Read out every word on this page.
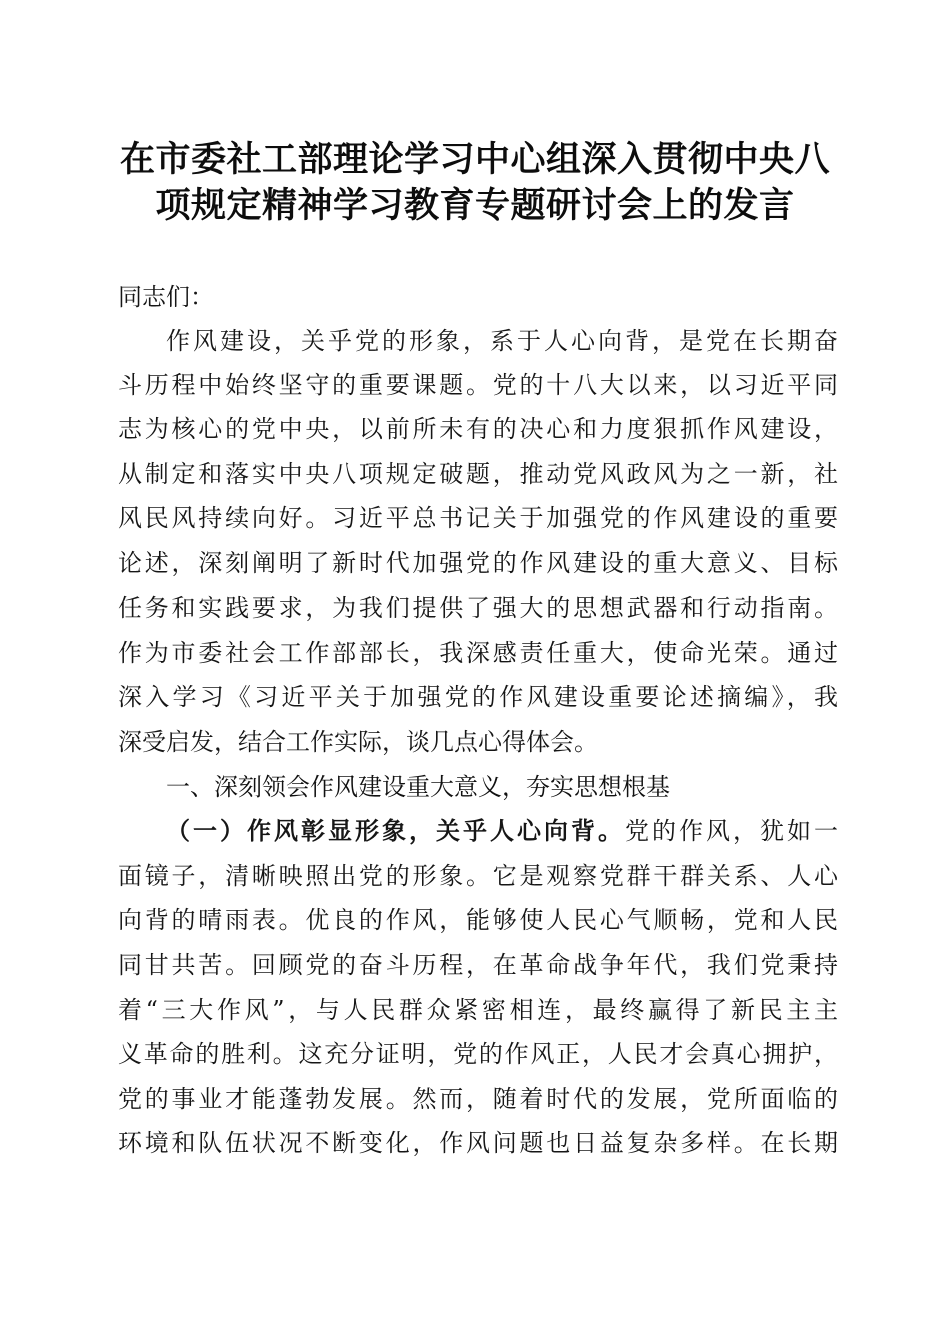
在市委社工部理论学习中心组深入贯彻中央八
项规定精神学习教育专题研讨会上的发言
同志们：
作风建设，关乎党的形象，系于人心向背，是党在长期奋
斗历程中始终坚守的重要课题。党的十八大以来，以习近平同
志为核心的党中央，以前所未有的决心和力度狠抓作风建设，
从制定和落实中央八项规定破题，推动党风政风为之一新，社
风民风持续向好。习近平总书记关于加强党的作风建设的重要
论述，深刻阐明了新时代加强党的作风建设的重大意义、目标
任务和实践要求，为我们提供了强大的思想武器和行动指南。
作为市委社会工作部部长，我深感责任重大，使命光荣。通过
深入学习《习近平关于加强党的作风建设重要论述摘编》，我
深受启发，结合工作实际，谈几点心得体会。
一、深刻领会作风建设重大意义，夯实思想根基
（一）作风彰显形象，关乎人心向背。党的作风，犹如一
面镜子，清晰映照出党的形象。它是观察党群干群关系、人心
向背的晴雨表。优良的作风，能够使人民心气顺畅，党和人民
同甘共苦。回顾党的奋斗历程，在革命战争年代，我们党秉持
着“三大作风”，与人民群众紧密相连，最终赢得了新民主主
义革命的胜利。这充分证明，党的作风正，人民才会真心拥护，
党的事业才能蓬勃发展。然而，随着时代的发展，党所面临的
环境和队伍状况不断变化，作风问题也日益复杂多样。在长期
